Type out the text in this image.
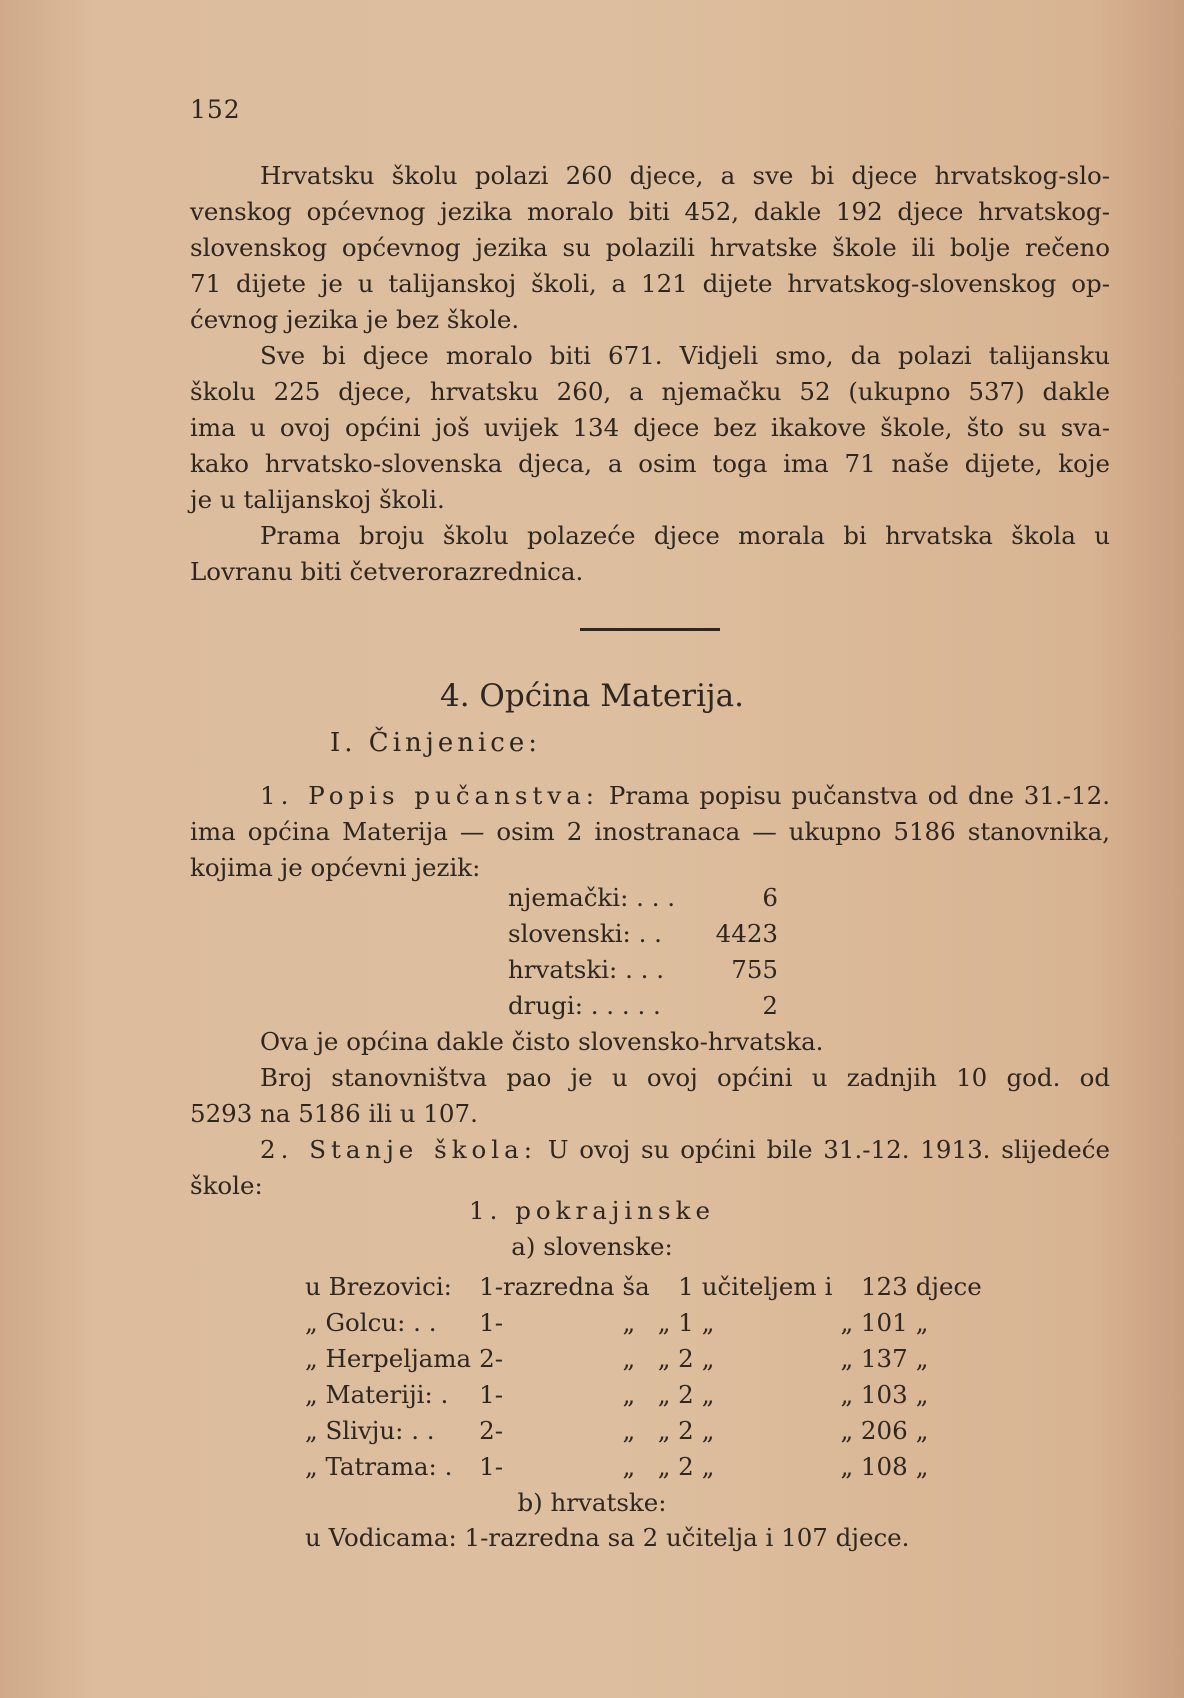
152
Hrvatsku školu polazi 260 djece, a sve bi djece hrvatskog-slo-
venskog općevnog jezika moralo biti 452, dakle 192 djece hrvatskog-
slovenskog općevnog jezika su polazili hrvatske škole ili bolje rečeno
71 dijete je u talijanskoj školi, a 121 dijete hrvatskog-slovenskog op-
ćevnog jezika je bez škole.
Sve bi djece moralo biti 671. Vidjeli smo, da polazi talijansku
školu 225 djece, hrvatsku 260, a njemačku 52 (ukupno 537) dakle
ima u ovoj općini još uvijek 134 djece bez ikakove škole, što su sva-
kako hrvatsko-slovenska djeca, a osim toga ima 71 naše dijete, koje
je u talijanskoj školi.
Prama broju školu polazeće djece morala bi hrvatska škola u
Lovranu biti četverorazrednica.
4. Općina Materija.
I. Činjenice:
1. Popis pučanstva: Prama popisu pučanstva od dne 31.-12.
ima općina Materija — osim 2 inostranaca — ukupno 5186 stanovnika,
kojima je općevni jezik:
njemački: . . .	6
slovenski: . .	4423
hrvatski: . . .	755
drugi: . . . . .	2
Ova je općina dakle čisto slovensko-hrvatska.
Broj stanovništva pao je u ovoj općini u zadnjih 10 god. od
5293 na 5186 ili u 107.
2. Stanje škola: U ovoj su općini bile 31.-12. 1913. slijedeće
škole:
1. pokrajinske
a) slovenske:
u Brezovici:	1-razredna	ša	1	učiteljem	i	123	djece
„ Golcu: . .	1-	„	„ 1	„		„ 101	„
„ Herpeljama	2-	„	„ 2	„		„ 137	„
„ Materiji: .	1-	„	„ 2	„		„ 103	„
„ Slivju: . .	2-	„	„ 2	„		„ 206	„
„ Tatrama: .	1-	„	„ 2	„		„ 108	„
b) hrvatske:
u Vodicama: 1-razredna sa 2 učitelja i 107 djece.
